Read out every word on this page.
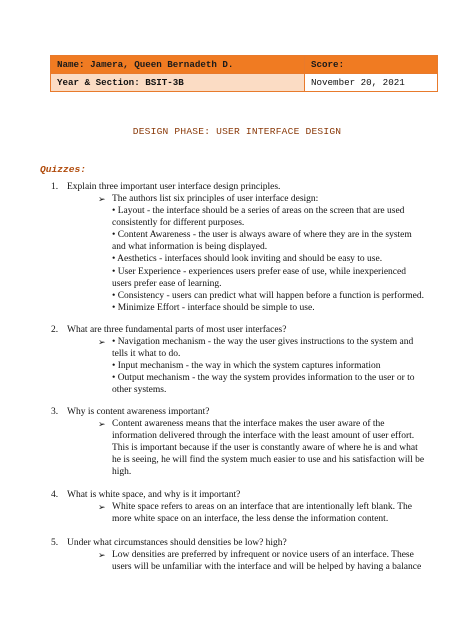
Name: Jamera, Queen Bernadeth D.	Score:
Year & Section: BSIT-3B	November 20, 2021
DESIGN PHASE: USER INTERFACE DESIGN
Quizzes:
1. Explain three important user interface design principles.
➢ The authors list six principles of user interface design:
• Layout - the interface should be a series of areas on the screen that are used
consistently for different purposes.
• Content Awareness - the user is always aware of where they are in the system
and what information is being displayed.
• Aesthetics - interfaces should look inviting and should be easy to use.
• User Experience - experiences users prefer ease of use, while inexperienced
users prefer ease of learning.
• Consistency - users can predict what will happen before a function is performed.
• Minimize Effort - interface should be simple to use.
2. What are three fundamental parts of most user interfaces?
➢ • Navigation mechanism - the way the user gives instructions to the system and
tells it what to do.
• Input mechanism - the way in which the system captures information
• Output mechanism - the way the system provides information to the user or to
other systems.
3. Why is content awareness important?
➢ Content awareness means that the interface makes the user aware of the
information delivered through the interface with the least amount of user effort.
This is important because if the user is constantly aware of where he is and what
he is seeing, he will find the system much easier to use and his satisfaction will be
high.
4. What is white space, and why is it important?
➢ White space refers to areas on an interface that are intentionally left blank. The
more white space on an interface, the less dense the information content.
5. Under what circumstances should densities be low? high?
➢ Low densities are preferred by infrequent or novice users of an interface. These
users will be unfamiliar with the interface and will be helped by having a balance
